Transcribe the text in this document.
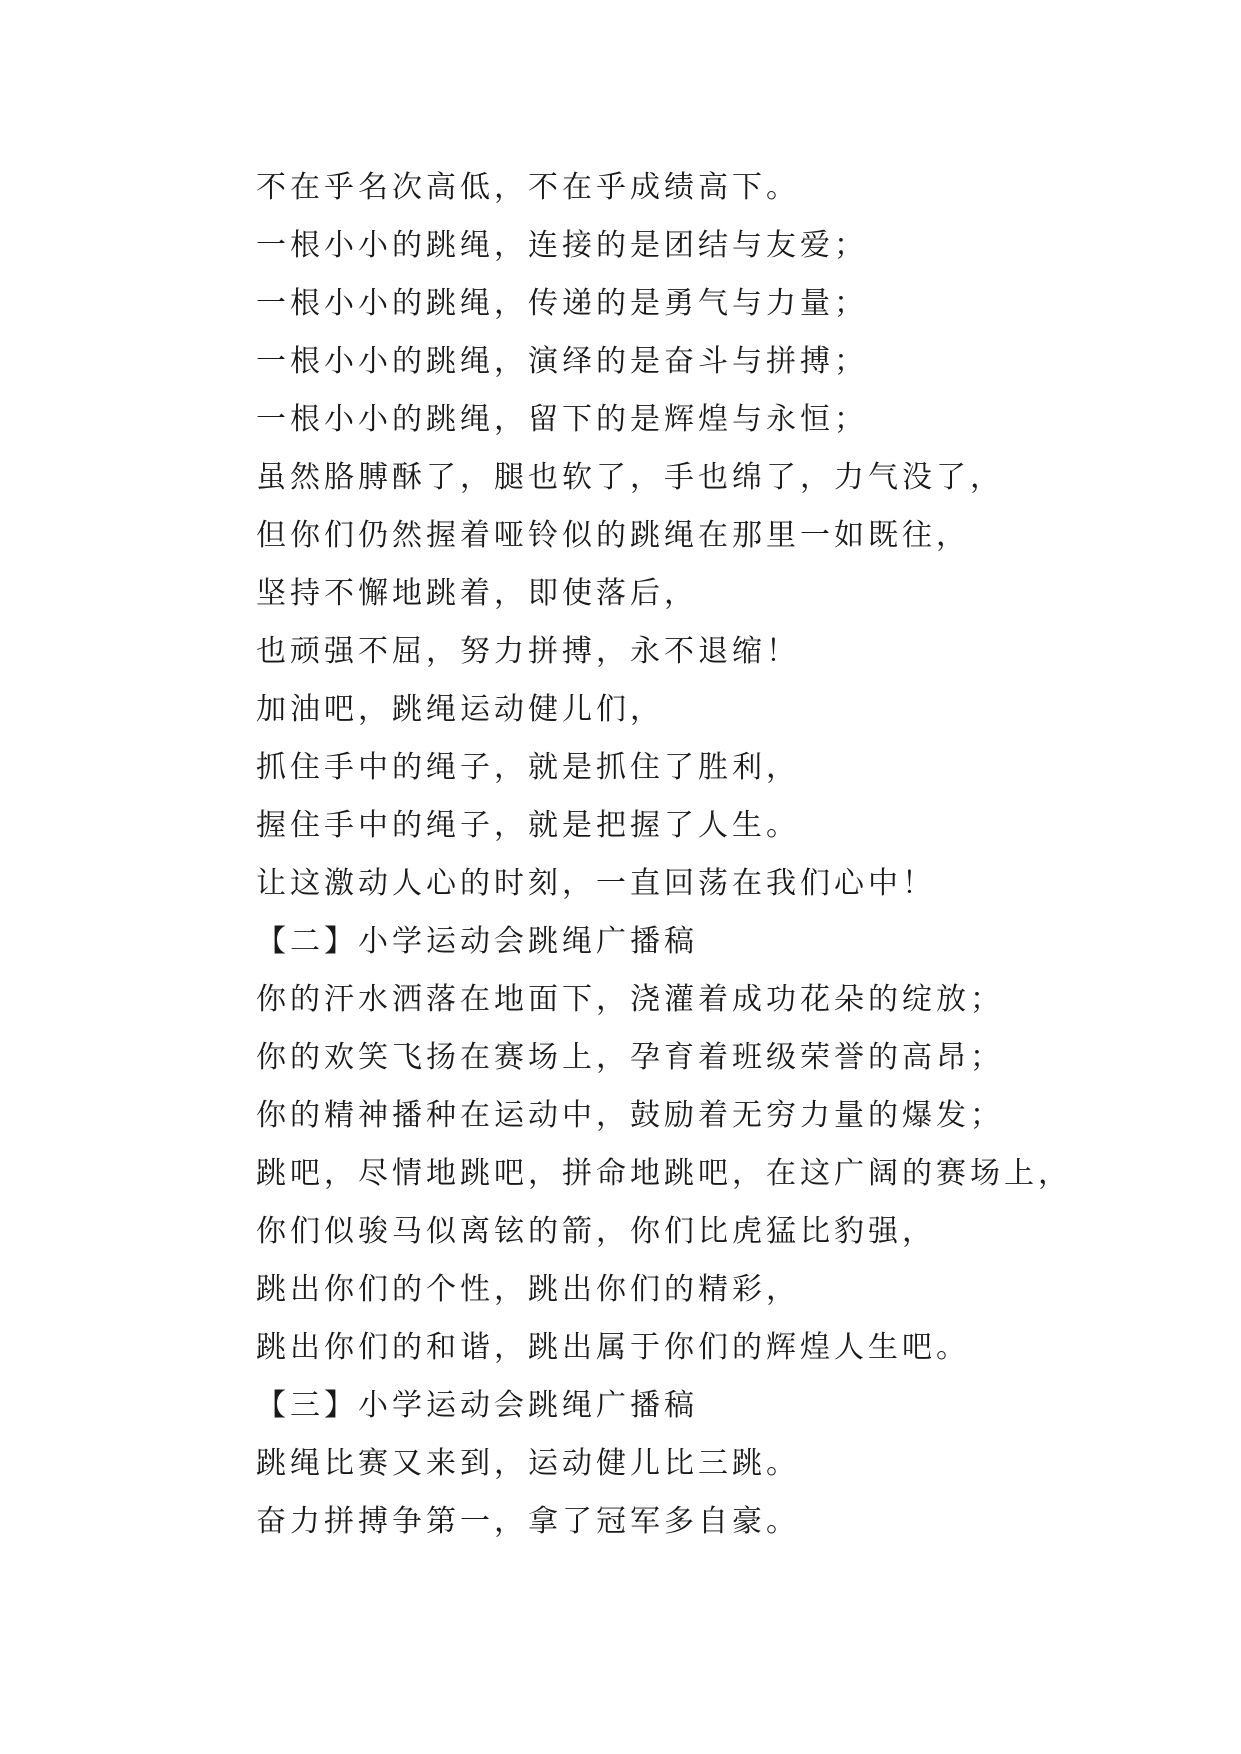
不在乎名次高低，不在乎成绩高下。
一根小小的跳绳，连接的是团结与友爱；
一根小小的跳绳，传递的是勇气与力量；
一根小小的跳绳，演绎的是奋斗与拼搏；
一根小小的跳绳，留下的是辉煌与永恒；
虽然胳膊酥了，腿也软了，手也绵了，力气没了，
但你们仍然握着哑铃似的跳绳在那里一如既往，
坚持不懈地跳着，即使落后，
也顽强不屈，努力拼搏，永不退缩！
加油吧，跳绳运动健儿们，
抓住手中的绳子，就是抓住了胜利，
握住手中的绳子，就是把握了人生。
让这激动人心的时刻，一直回荡在我们心中！
【二】小学运动会跳绳广播稿
你的汗水洒落在地面下，浇灌着成功花朵的绽放；
你的欢笑飞扬在赛场上，孕育着班级荣誉的高昂；
你的精神播种在运动中，鼓励着无穷力量的爆发；
跳吧，尽情地跳吧，拼命地跳吧，在这广阔的赛场上，
你们似骏马似离铉的箭，你们比虎猛比豹强，
跳出你们的个性，跳出你们的精彩，
跳出你们的和谐，跳出属于你们的辉煌人生吧。
【三】小学运动会跳绳广播稿
跳绳比赛又来到，运动健儿比三跳。
奋力拼搏争第一，拿了冠军多自豪。
